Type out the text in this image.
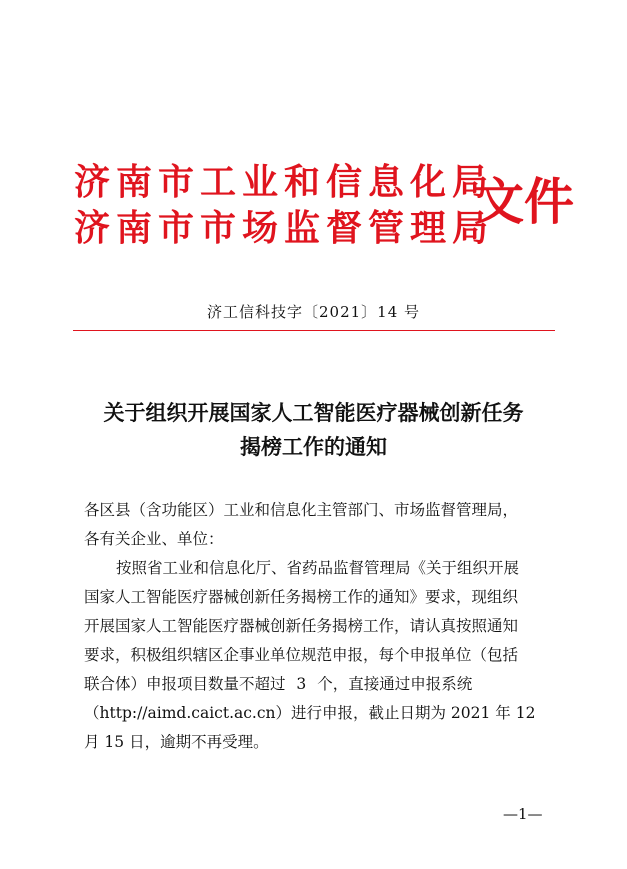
济南市工业和信息化局
济南市市场监督管理局
文件
济工信科技字〔2021〕14 号
关于组织开展国家人工智能医疗器械创新任务
揭榜工作的通知
各区县（含功能区）工业和信息化主管部门、市场监督管理局，
各有关企业、单位：
按照省工业和信息化厅、省药品监督管理局《关于组织开展
国家人工智能医疗器械创新任务揭榜工作的通知》要求，现组织
开展国家人工智能医疗器械创新任务揭榜工作，请认真按照通知
要求，积极组织辖区企事业单位规范申报，每个申报单位（包括
联合体）申报项目数量不超过 3 个，直接通过申报系统
（http://aimd.caict.ac.cn）进行申报，截止日期为 2021 年 12
月 15 日，逾期不再受理。
—1—
